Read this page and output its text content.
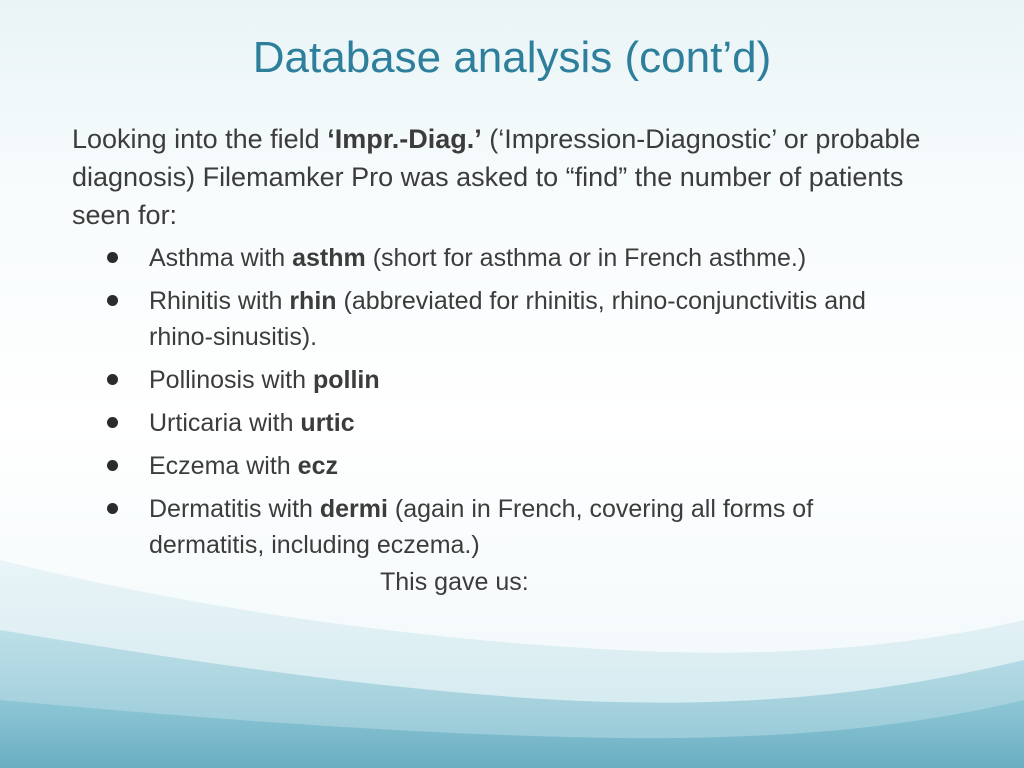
Database analysis (cont’d)
Looking into the field ‘Impr.-Diag.’ (‘Impression-Diagnostic’ or probable diagnosis) Filemamker Pro was asked to “find” the number of patients seen for:
Asthma with asthm (short for asthma or in French asthme.)
Rhinitis with rhin (abbreviated for rhinitis, rhino-conjunctivitis and rhino-sinusitis).
Pollinosis with pollin
Urticaria with urtic
Eczema with ecz
Dermatitis with dermi (again in French, covering all forms of dermatitis, including eczema.)
This gave us:
